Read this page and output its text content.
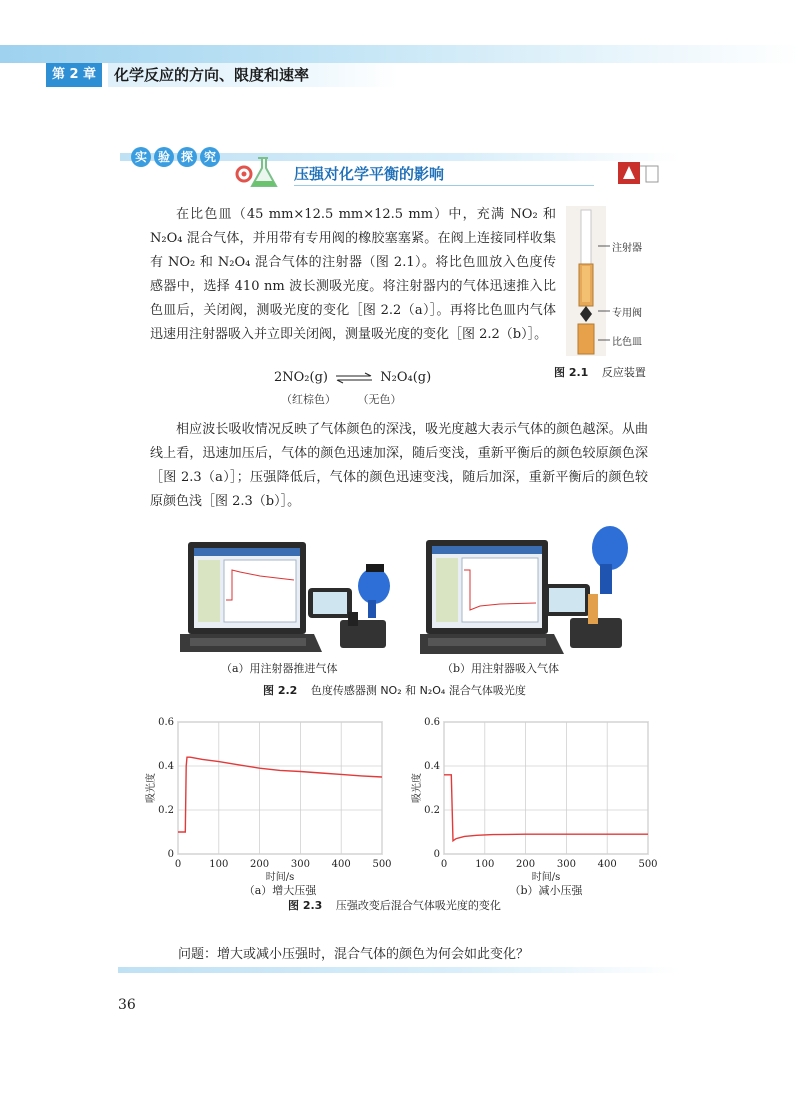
第 2 章	化学反应的方向、限度和速率
实 验 探 究
压强对化学平衡的影响
在比色皿（45 mm×12.5 mm×12.5 mm）中，充满 NO₂ 和 N₂O₄ 混合气体，并用带有专用阀的橡胶塞塞紧。在阀上连接同样收集有 NO₂ 和 N₂O₄ 混合气体的注射器（图 2.1）。将比色皿放入色度传感器中，选择 410 nm 波长测吸光度。将注射器内的气体迅速推入比色皿后，关闭阀，测吸光度的变化［图 2.2（a）］。再将比色皿内气体迅速用注射器吸入并立即关闭阀，测量吸光度的变化［图 2.2（b）］。
注射器
专用阀
比色皿
图 2.1 反应装置
2NO₂(g) ⇌ N₂O₄(g)
（红棕色） （无色）
相应波长吸收情况反映了气体颜色的深浅，吸光度越大表示气体的颜色越深。从曲线上看，迅速加压后，气体的颜色迅速加深，随后变浅，重新平衡后的颜色较原颜色深［图 2.3（a）］；压强降低后，气体的颜色迅速变浅，随后加深，重新平衡后的颜色较原颜色浅［图 2.3（b）］。
（a）用注射器推进气体	（b）用注射器吸入气体
图 2.2 色度传感器测 NO₂ 和 N₂O₄ 混合气体吸光度
0	100 200 300 400 500
0
0.2
0.4
0.6
时间/s
吸光度
（a）增大压强
0	100 200 300 400 500
0
0.2
0.4
0.6
时间/s
吸光度
（b）减小压强
图 2.3 压强改变后混合气体吸光度的变化
问题：增大或减小压强时，混合气体的颜色为何会如此变化？
36
